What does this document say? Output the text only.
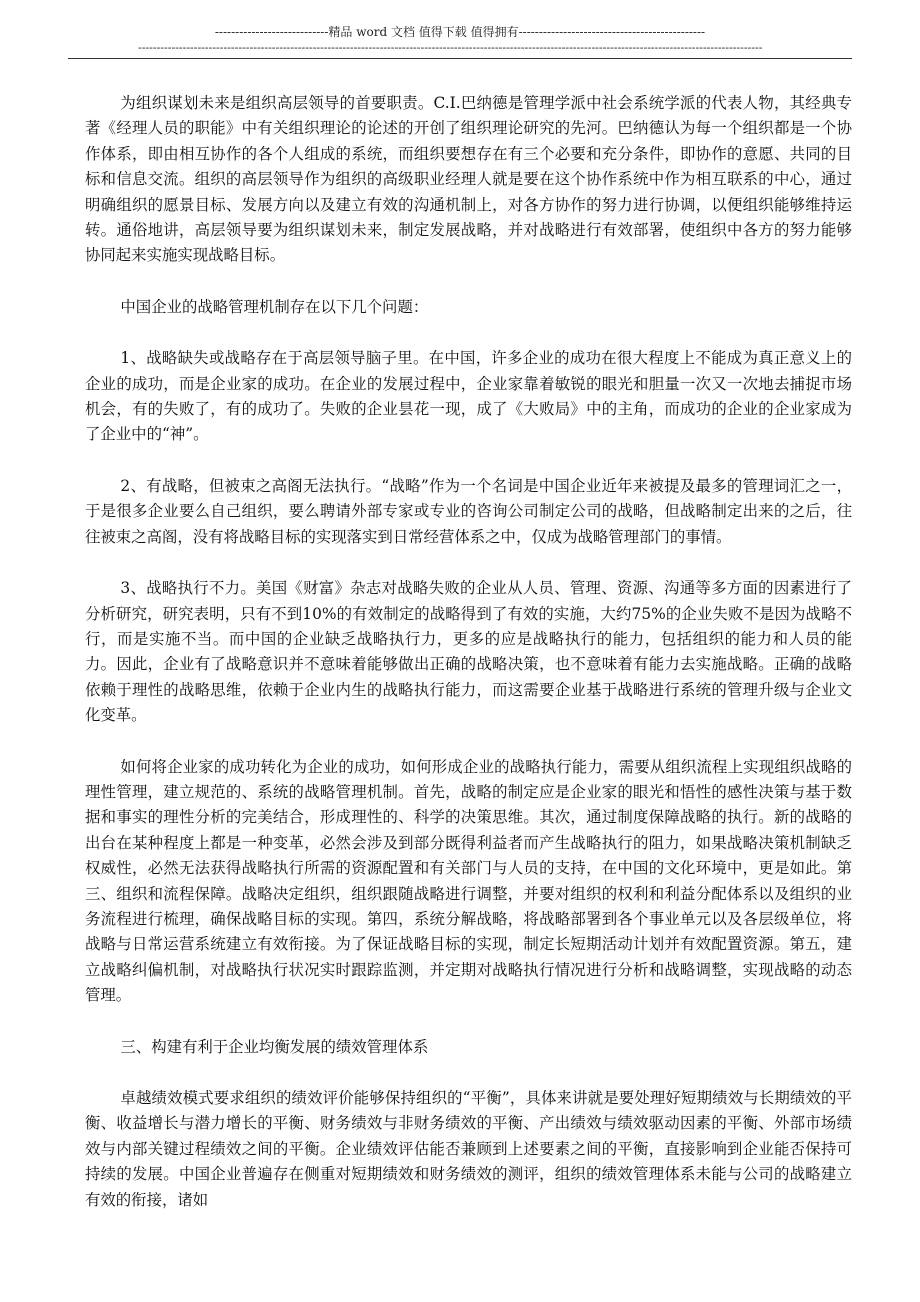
----------------------------精品 word 文档 值得下载 值得拥有----------------------------------------------
------------------------------------------------------------------------------------------------------------------------------------------------------------------------

为组织谋划未来是组织高层领导的首要职责。C.I.巴纳德是管理学派中社会系统学派的代表人物，其经典专著《经理人员的职能》中有关组织理论的论述的开创了组织理论研究的先河。巴纳德认为每一个组织都是一个协作体系，即由相互协作的各个人组成的系统，而组织要想存在有三个必要和充分条件，即协作的意愿、共同的目标和信息交流。组织的高层领导作为组织的高级职业经理人就是要在这个协作系统中作为相互联系的中心，通过明确组织的愿景目标、发展方向以及建立有效的沟通机制上，对各方协作的努力进行协调，以便组织能够维持运转。通俗地讲，高层领导要为组织谋划未来，制定发展战略，并对战略进行有效部署，使组织中各方的努力能够协同起来实施实现战略目标。

中国企业的战略管理机制存在以下几个问题：

1、战略缺失或战略存在于高层领导脑子里。在中国，许多企业的成功在很大程度上不能成为真正意义上的企业的成功，而是企业家的成功。在企业的发展过程中，企业家靠着敏锐的眼光和胆量一次又一次地去捕捉市场机会，有的失败了，有的成功了。失败的企业昙花一现，成了《大败局》中的主角，而成功的企业的企业家成为了企业中的“神”。

2、有战略，但被束之高阁无法执行。“战略”作为一个名词是中国企业近年来被提及最多的管理词汇之一，于是很多企业要么自己组织，要么聘请外部专家或专业的咨询公司制定公司的战略，但战略制定出来的之后，往往被束之高阁，没有将战略目标的实现落实到日常经营体系之中，仅成为战略管理部门的事情。

3、战略执行不力。美国《财富》杂志对战略失败的企业从人员、管理、资源、沟通等多方面的因素进行了分析研究，研究表明，只有不到10%的有效制定的战略得到了有效的实施，大约75%的企业失败不是因为战略不行，而是实施不当。而中国的企业缺乏战略执行力，更多的应是战略执行的能力，包括组织的能力和人员的能力。因此，企业有了战略意识并不意味着能够做出正确的战略决策，也不意味着有能力去实施战略。正确的战略依赖于理性的战略思维，依赖于企业内生的战略执行能力，而这需要企业基于战略进行系统的管理升级与企业文化变革。

如何将企业家的成功转化为企业的成功，如何形成企业的战略执行能力，需要从组织流程上实现组织战略的理性管理，建立规范的、系统的战略管理机制。首先，战略的制定应是企业家的眼光和悟性的感性决策与基于数据和事实的理性分析的完美结合，形成理性的、科学的决策思维。其次，通过制度保障战略的执行。新的战略的出台在某种程度上都是一种变革，必然会涉及到部分既得利益者而产生战略执行的阻力，如果战略决策机制缺乏权威性，必然无法获得战略执行所需的资源配置和有关部门与人员的支持，在中国的文化环境中，更是如此。第三、组织和流程保障。战略决定组织，组织跟随战略进行调整，并要对组织的权利和利益分配体系以及组织的业务流程进行梳理，确保战略目标的实现。第四，系统分解战略，将战略部署到各个事业单元以及各层级单位，将战略与日常运营系统建立有效衔接。为了保证战略目标的实现，制定长短期活动计划并有效配置资源。第五，建立战略纠偏机制，对战略执行状况实时跟踪监测，并定期对战略执行情况进行分析和战略调整，实现战略的动态管理。

三、构建有利于企业均衡发展的绩效管理体系

卓越绩效模式要求组织的绩效评价能够保持组织的“平衡”，具体来讲就是要处理好短期绩效与长期绩效的平衡、收益增长与潜力增长的平衡、财务绩效与非财务绩效的平衡、产出绩效与绩效驱动因素的平衡、外部市场绩效与内部关键过程绩效之间的平衡。企业绩效评估能否兼顾到上述要素之间的平衡，直接影响到企业能否保持可持续的发展。中国企业普遍存在侧重对短期绩效和财务绩效的测评，组织的绩效管理体系未能与公司的战略建立有效的衔接，诸如
